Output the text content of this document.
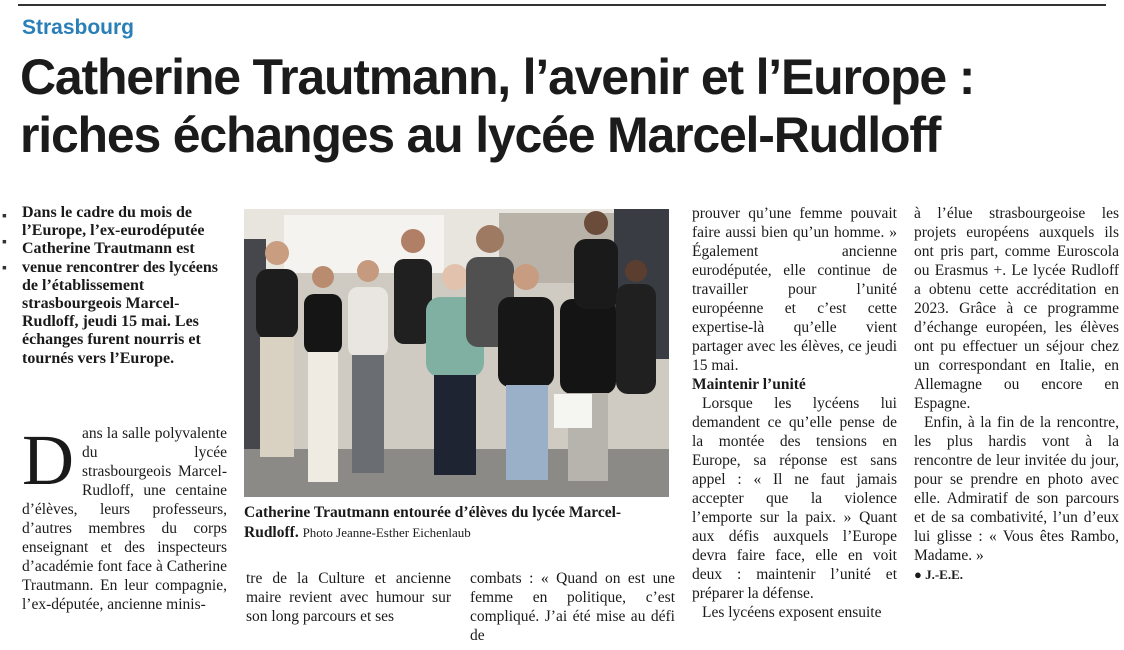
Strasbourg
Catherine Trautmann, l’avenir et l’Europe : riches échanges au lycée Marcel-Rudloff
▪
▪
▪
Dans le cadre du mois de l’Europe, l’ex-eurodéputée Catherine Trautmann est venue rencontrer des lycéens de l’établissement strasbourgeois Marcel-Rudloff, jeudi 15 mai. Les échanges furent nourris et tournés vers l’Europe.
D ans la salle polyvalente du lycée strasbourgeois Marcel-Rudloff, une centaine d’élèves, leurs professeurs, d’autres membres du corps enseignant et des inspecteurs d’académie font face à Catherine Trautmann. En leur compagnie, l’ex-députée, ancienne minis-

Catherine Trautmann entourée d’élèves du lycée Marcel-Rudloff. Photo Jeanne-Esther Eichenlaub

tre de la Culture et ancienne maire revient avec humour sur son long parcours et ses

combats : « Quand on est une femme en politique, c’est compliqué. J’ai été mise au défi de

prouver qu’une femme pouvait faire aussi bien qu’un homme. » Également ancienne eurodéputée, elle continue de travailler pour l’unité européenne et c’est cette expertise-là qu’elle vient partager avec les élèves, ce jeudi 15 mai.

Maintenir l’unité

Lorsque les lycéens lui demandent ce qu’elle pense de la montée des tensions en Europe, sa réponse est sans appel : « Il ne faut jamais accepter que la violence l’emporte sur la paix. » Quant aux défis auxquels l’Europe devra faire face, elle en voit deux : maintenir l’unité et préparer la défense.

Les lycéens exposent ensuite

à l’élue strasbourgeoise les projets européens auxquels ils ont pris part, comme Euroscola ou Erasmus +. Le lycée Rudloff a obtenu cette accréditation en 2023. Grâce à ce programme d’échange européen, les élèves ont pu effectuer un séjour chez un correspondant en Italie, en Allemagne ou encore en Espagne.

Enfin, à la fin de la rencontre, les plus hardis vont à la rencontre de leur invitée du jour, pour se prendre en photo avec elle. Admiratif de son parcours et de sa combativité, l’un d’eux lui glisse : « Vous êtes Rambo, Madame. »

● J.-E.E.
